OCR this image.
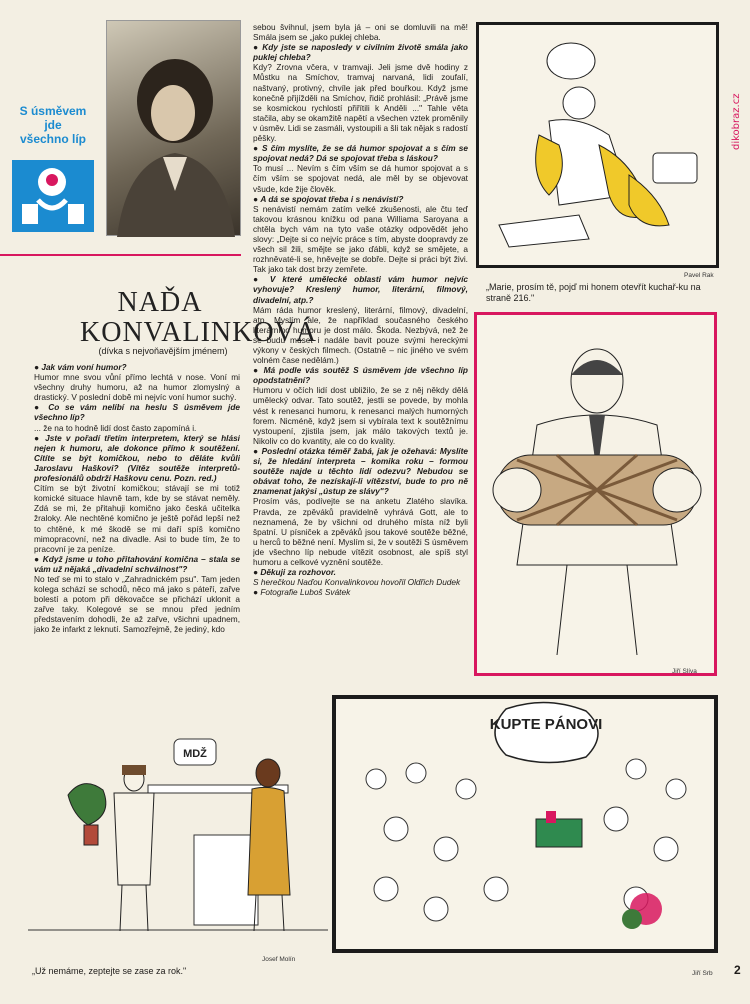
S úsměvem
jde
všechno líp
NAĎA
KONVALINKOVÁ
(dívka s nejvoňavějším jménem)

● Jak vám voní humor?

Humor mne svou vůní přímo lechtá v nose. Voní mi všechny druhy humoru, až na humor zlomyslný a drastický. V poslední době mi nejvíc voní humor suchý.

● Co se vám nelíbí na heslu S úsměvem jde všechno líp?

... že na to hodně lidí dost často zapomíná i.

● Jste v pořadí třetím interpretem, který se hlásí nejen k humoru, ale dokonce přímo k soutěžení. Cítíte se být komičkou, nebo to děláte kvůli Jaroslavu Haškovi? (Vítěz soutěže interpretů-profesionálů obdrží Haškovu cenu. Pozn. red.)

Cítím se být životní komičkou; stávají se mi totiž komické situace hlavně tam, kde by se stávat neměly. Zdá se mi, že přitahuji komično jako česká učitelka žraloky. Ale nechtěné komično je ještě pořád lepší než to chtěné, k mé škodě se mi daří spíš komično mimopracovní, než na divadle. Asi to bude tím, že to pracovní je za peníze.

● Když jsme u toho přitahování komična – stala se vám už nějaká „divadelní schválnost"?

No teď se mi to stalo v „Zahradnickém psu". Tam jeden kolega schází se schodů, něco má jako s páteří, zařve bolestí a potom při děkovačce se přichází uklonit a zařve taky. Kolegové se se mnou před jedním představením dohodli, že až zařve, všichni upadnem, jako že infarkt z leknutí. Samozřejmě, že jediný, kdo

sebou švihnul, jsem byla já – oni se domluvili na mě! Smála jsem se „jako puklej chleba.

● Kdy jste se naposledy v civilním životě smála jako puklej chleba?

Kdy? Zrovna včera, v tramvaji. Jeli jsme dvě hodiny z Můstku na Smíchov, tramvaj narvaná, lidi zoufalí, naštvaný, protivný, chvíle jak před bouřkou. Když jsme konečně přijížděli na Smíchov, řidič prohlásil: „Právě jsme se kosmickou rychlostí přiřítili k Anděli ..." Tahle věta stačila, aby se okamžitě napětí a všechen vztek proměnily v úsměv. Lidi se zasmáli, vystoupili a šli tak nějak s radostí pěšky.

● S čím myslíte, že se dá humor spojovat a s čím se spojovat nedá? Dá se spojovat třeba s láskou?

To musí ... Nevím s čím vším se dá humor spojovat a s čím vším se spojovat nedá, ale měl by se objevovat všude, kde žije člověk.

● A dá se spojovat třeba i s nenávistí?

S nenávistí nemám zatím velké zkušenosti, ale čtu teď takovou krásnou knížku od pana Williama Saroyana a chtěla bych vám na tyto vaše otázky odpovědět jeho slovy: „Dejte si co nejvíc práce s tím, abyste doopravdy ze všech sil žili, smějte se jako ďábli, když se smějete, a rozhněvaté-li se, hněvejte se dobře. Dejte si práci být živi. Tak jako tak dost brzy zemřete.

● V které umělecké oblasti vám humor nejvíc vyhovuje? Kreslený humor, literární, filmový, divadelní, atp.?

Mám ráda humor kreslený, literární, filmový, divadelní, atp. Myslím ale, že například současného českého literárního humoru je dost málo. Škoda. Nezbývá, než že se budu muset i nadále bavit pouze svými hereckými výkony v českých filmech. (Ostatně – nic jiného ve svém volném čase nedělám.)

● Má podle vás soutěž S úsměvem jde všechno líp opodstatnění?

Humoru v očích lidí dost ubližilo, že se z něj někdy dělá umělecký odvar. Tato soutěž, jestli se povede, by mohla vést k renesanci humoru, k renesanci malých humorných forem. Nicméně, když jsem si vybírala text k soutěžnímu vystoupení, zjistila jsem, jak málo takových textů je. Nikoliv co do kvantity, ale co do kvality.

● Poslední otázka téměř žabá, jak je ožehavá: Myslíte si, že hledání interpreta – komika roku – formou soutěže najde u těchto lidí odezvu? Nebudou se obávat toho, že nezískají-li vítězství, bude to pro ně znamenat jakýsi „ústup ze slávy"?

Prosím vás, podívejte se na anketu Zlatého slavíka. Pravda, ze zpěváků pravidelně vyhrává Gott, ale to neznamená, že by všichni od druhého místa níž byli špatní. U písniček a zpěváků jsou takové soutěže běžné, u herců to běžné není. Myslím si, že v soutěži S úsměvem jde všechno líp nebude vítězit osobnost, ale spíš styl humoru a celkové vyznění soutěže.

● Děkuji za rozhovor.

S herečkou Naďou Konvalinkovou hovořil Oldřich Dudek

● Fotografie Luboš Svátek

Pavel Rak
„Marie, prosím tě, pojď mi honem otevřít kuchař-ku na straně 216."
Jiří Slíva
MDŽ
Josef Molín
„Už nemáme, zeptejte se zase za rok."
KUPTE PÁNOVI
Jiří Srb
dikobraz.cz
2
